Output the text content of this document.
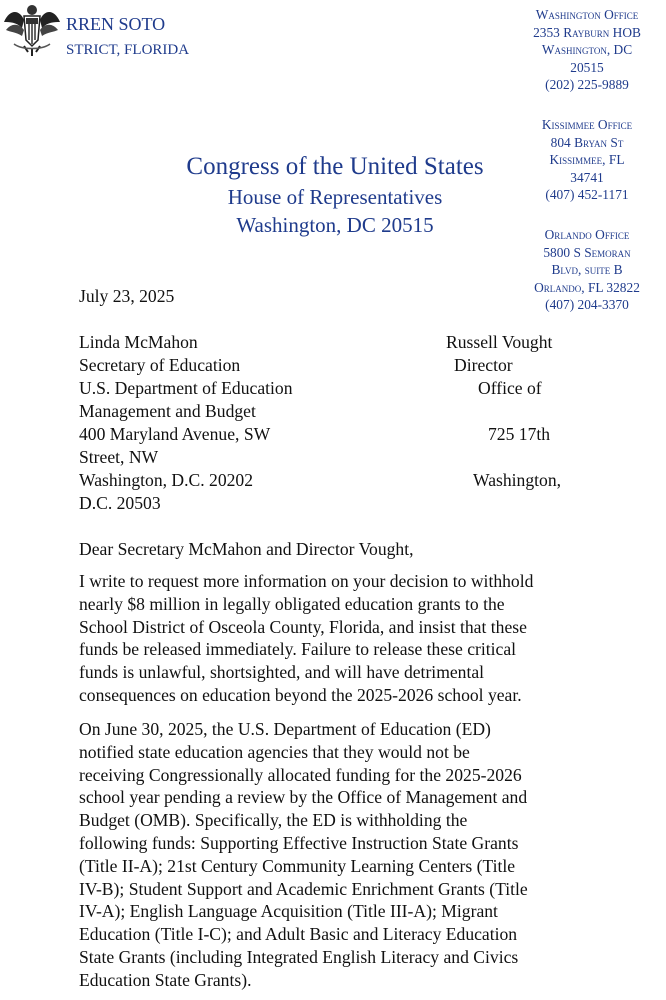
RREN SOTO
STRICT, FLORIDA
Congress of the United States
House of Representatives
Washington, DC 20515
Washington Office
2353 Rayburn HOB
Washington, DC
20515
(202) 225-9889
Kissimmee Office
804 Bryan St
Kissimmee, FL
34741
(407) 452-1171
Orlando Office
5800 S Semoran
Blvd, suite B
Orlando, FL 32822
(407) 204-3370
July 23, 2025
Linda McMahon	Russell Vought
Secretary of Education	Director
U.S. Department of Education	Office of
Management and Budget
400 Maryland Avenue, SW	725 17th
Street, NW
Washington, D.C. 20202	Washington,
D.C. 20503
Dear Secretary McMahon and Director Vought,
I write to request more information on your decision to withhold
nearly $8 million in legally obligated education grants to the
School District of Osceola County, Florida, and insist that these
funds be released immediately. Failure to release these critical
funds is unlawful, shortsighted, and will have detrimental
consequences on education beyond the 2025-2026 school year.
On June 30, 2025, the U.S. Department of Education (ED)
notified state education agencies that they would not be
receiving Congressionally allocated funding for the 2025-2026
school year pending a review by the Office of Management and
Budget (OMB). Specifically, the ED is withholding the
following funds: Supporting Effective Instruction State Grants
(Title II-A); 21st Century Community Learning Centers (Title
IV-B); Student Support and Academic Enrichment Grants (Title
IV-A); English Language Acquisition (Title III-A); Migrant
Education (Title I-C); and Adult Basic and Literacy Education
State Grants (including Integrated English Literacy and Civics
Education State Grants).
